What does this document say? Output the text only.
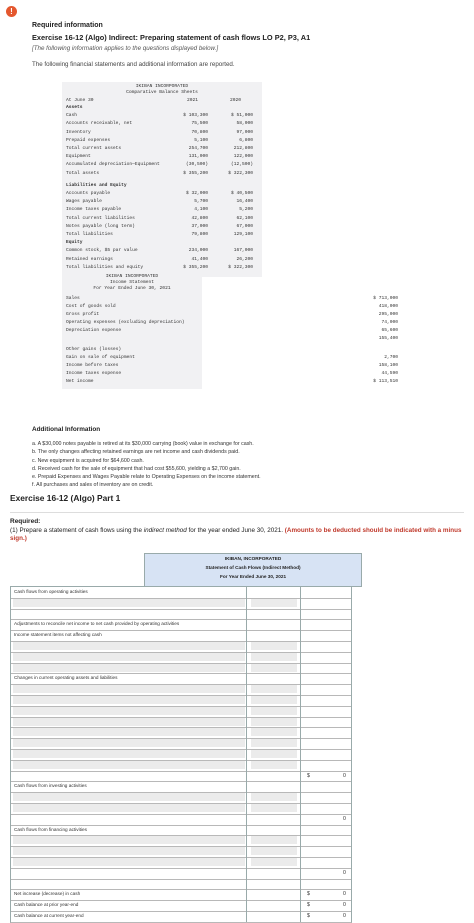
!
Required information
Exercise 16-12 (Algo) Indirect: Preparing statement of cash flows LO P2, P3, A1
[The following information applies to the questions displayed below.]
The following financial statements and additional information are reported.
IKIBAN INCORPORATED
Comparative Balance Sheets
At June 30	2021	2020
Assets
Cash	$ 103,300	$ 51,000
Accounts receivable, net	75,500	58,000
Inventory	70,800	97,000
Prepaid expenses	5,100	6,800
Total current assets	254,700	212,800
Equipment	131,000	122,000
Accumulated depreciation—Equipment	(30,500)	(12,500)
Total assets	$ 355,200	$ 322,300
Liabilities and Equity
Accounts payable	$ 32,000	$ 40,500
Wages payable	5,700	16,400
Income taxes payable	4,100	5,200
Total current liabilities	42,800	62,100
Notes payable (long term)	37,000	67,000
Total liabilities	79,800	129,100
Equity
Common stock, $5 par value	234,000	167,000
Retained earnings	41,400	26,200
Total liabilities and equity	$ 355,200	$ 322,300
IKIBAN INCORPORATED
Income Statement
For Year Ended June 30, 2021
Sales	$ 713,000
Cost of goods sold	418,000
Gross profit	295,000
Operating expenses (excluding depreciation)	74,000
Depreciation expense	65,600
155,400
Other gains (losses)
Gain on sale of equipment	2,700
Income before taxes	158,100
Income taxes expense	44,590
Net income	$ 113,510
Additional Information
a. A $30,000 notes payable is retired at its $30,000 carrying (book) value in exchange for cash.
b. The only changes affecting retained earnings are net income and cash dividends paid.
c. New equipment is acquired for $64,600 cash.
d. Received cash for the sale of equipment that had cost $55,600, yielding a $2,700 gain.
e. Prepaid Expenses and Wages Payable relate to Operating Expenses on the income statement.
f. All purchases and sales of inventory are on credit.
Exercise 16-12 (Algo) Part 1
Required:
(1) Prepare a statement of cash flows using the indirect method for the year ended June 30, 2021. (Amounts to be deducted should be indicated with a minus sign.)
IKIBAN, INCORPORATED
Statement of Cash Flows (Indirect Method)
For Year Ended June 30, 2021
Cash flows from operating activities
Adjustments to reconcile net income to net cash provided by operating activities
Income statement items not affecting cash
Changes in current operating assets and liabilities
$	0
Cash flows from investing activities
0
Cash flows from financing activities
0
Net increase (decrease) in cash	$	0
Cash balance at prior year-end	$	0
Cash balance at current year-end	$	0
